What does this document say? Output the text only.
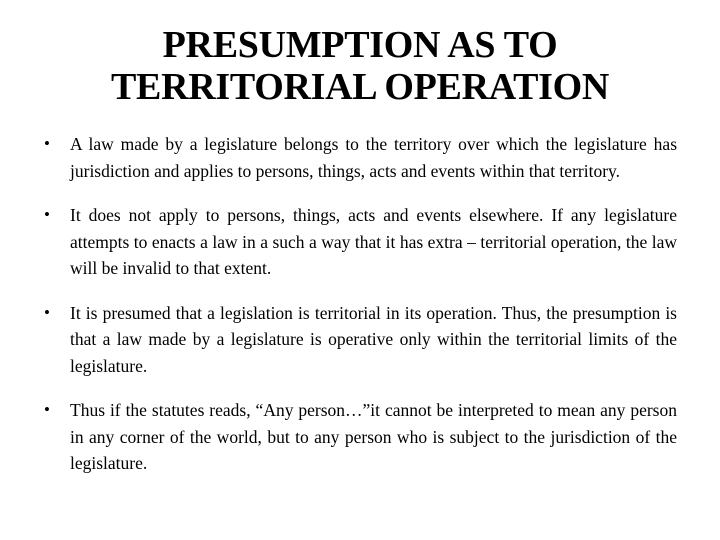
PRESUMPTION AS TO
TERRITORIAL OPERATION
•	A law made by a legislature belongs to the territory over which the legislature has jurisdiction and applies to persons, things, acts and events within that territory.
•	It does not apply to persons, things, acts and events elsewhere. If any legislature attempts to enacts a law in a such a way that it has extra – territorial operation, the law will be invalid to that extent.
•	It is presumed that a legislation is territorial in its operation. Thus, the presumption is that a law made by a legislature is operative only within the territorial limits of the legislature.
•	Thus if the statutes reads, “Any person…”it cannot be interpreted to mean any person in any corner of the world, but to any person who is subject to the jurisdiction of the legislature.
